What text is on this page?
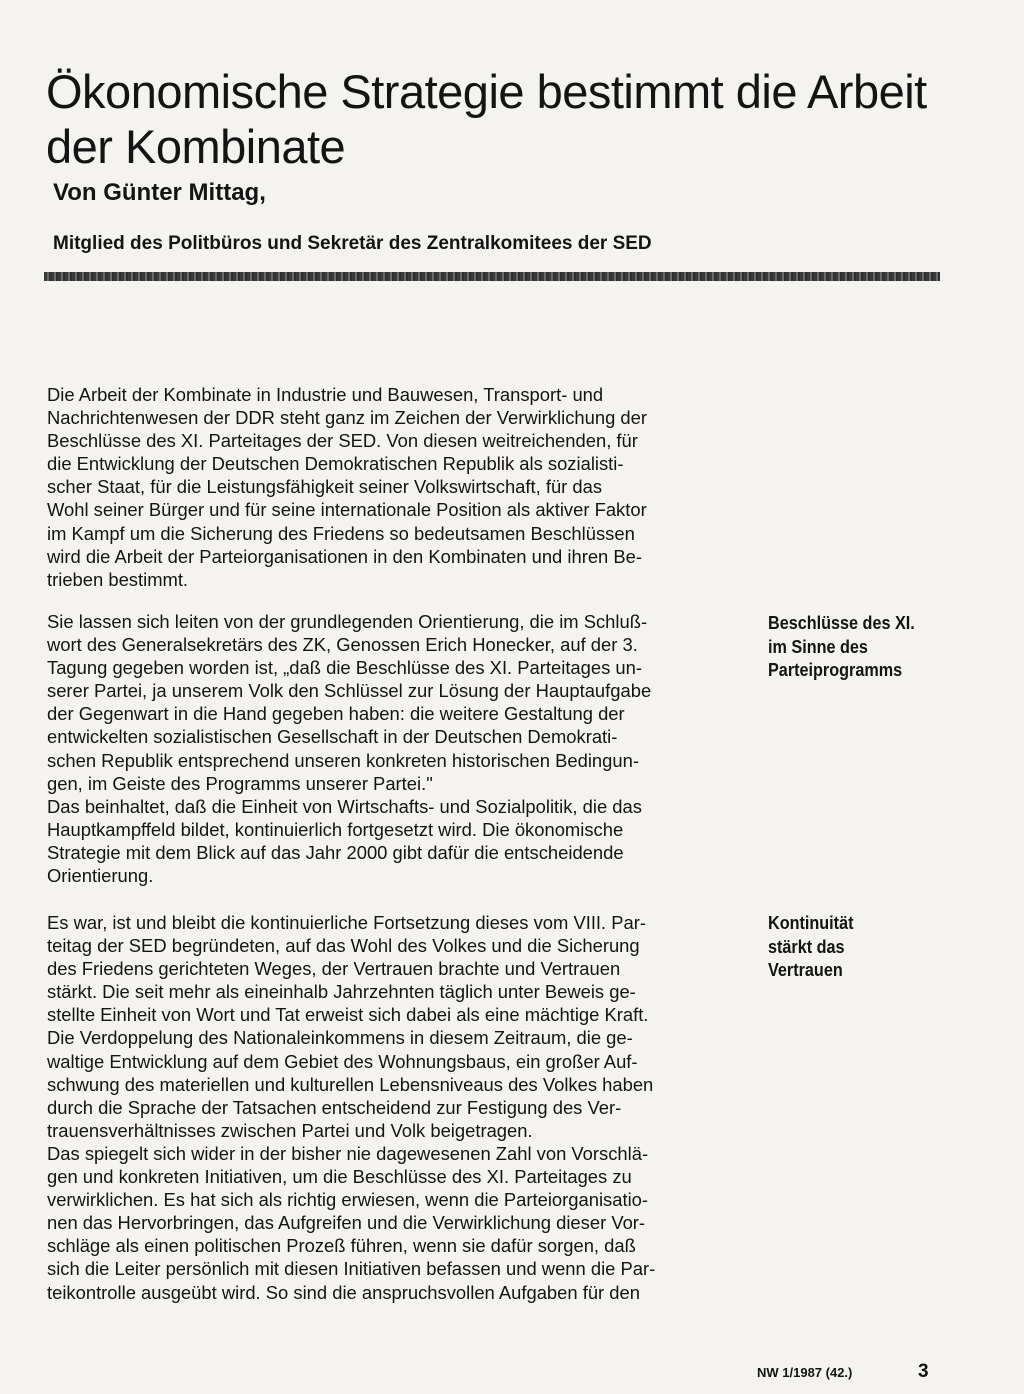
Ökonomische Strategie bestimmt die Arbeit der Kombinate
Von Günter Mittag,
Mitglied des Politbüros und Sekretär des Zentralkomitees der SED

Die Arbeit der Kombinate in Industrie und Bauwesen, Transport- und
Nachrichtenwesen der DDR steht ganz im Zeichen der Verwirklichung der
Beschlüsse des XI. Parteitages der SED. Von diesen weitreichenden, für
die Entwicklung der Deutschen Demokratischen Republik als sozialisti-
scher Staat, für die Leistungsfähigkeit seiner Volkswirtschaft, für das
Wohl seiner Bürger und für seine internationale Position als aktiver Faktor
im Kampf um die Sicherung des Friedens so bedeutsamen Beschlüssen
wird die Arbeit der Parteiorganisationen in den Kombinaten und ihren Be-
trieben bestimmt.

Sie lassen sich leiten von der grundlegenden Orientierung, die im Schluß-
wort des Generalsekretärs des ZK, Genossen Erich Honecker, auf der 3.
Tagung gegeben worden ist, „daß die Beschlüsse des XI. Parteitages un-
serer Partei, ja unserem Volk den Schlüssel zur Lösung der Hauptaufgabe
der Gegenwart in die Hand gegeben haben: die weitere Gestaltung der
entwickelten sozialistischen Gesellschaft in der Deutschen Demokrati-
schen Republik entsprechend unseren konkreten historischen Bedingun-
gen, im Geiste des Programms unserer Partei."
Das beinhaltet, daß die Einheit von Wirtschafts- und Sozialpolitik, die das
Hauptkampffeld bildet, kontinuierlich fortgesetzt wird. Die ökonomische
Strategie mit dem Blick auf das Jahr 2000 gibt dafür die entscheidende
Orientierung.

Es war, ist und bleibt die kontinuierliche Fortsetzung dieses vom VIII. Par-
teitag der SED begründeten, auf das Wohl des Volkes und die Sicherung
des Friedens gerichteten Weges, der Vertrauen brachte und Vertrauen
stärkt. Die seit mehr als eineinhalb Jahrzehnten täglich unter Beweis ge-
stellte Einheit von Wort und Tat erweist sich dabei als eine mächtige Kraft.
Die Verdoppelung des Nationaleinkommens in diesem Zeitraum, die ge-
waltige Entwicklung auf dem Gebiet des Wohnungsbaus, ein großer Auf-
schwung des materiellen und kulturellen Lebensniveaus des Volkes haben
durch die Sprache der Tatsachen entscheidend zur Festigung des Ver-
trauensverhältnisses zwischen Partei und Volk beigetragen.
Das spiegelt sich wider in der bisher nie dagewesenen Zahl von Vorschlä-
gen und konkreten Initiativen, um die Beschlüsse des XI. Parteitages zu
verwirklichen. Es hat sich als richtig erwiesen, wenn die Parteiorganisatio-
nen das Hervorbringen, das Aufgreifen und die Verwirklichung dieser Vor-
schläge als einen politischen Prozeß führen, wenn sie dafür sorgen, daß
sich die Leiter persönlich mit diesen Initiativen befassen und wenn die Par-
teikontrolle ausgeübt wird. So sind die anspruchsvollen Aufgaben für den

Beschlüsse des XI.
im Sinne des
Parteiprogramms
Kontinuität
stärkt das
Vertrauen
NW 1/1987 (42.)	3
